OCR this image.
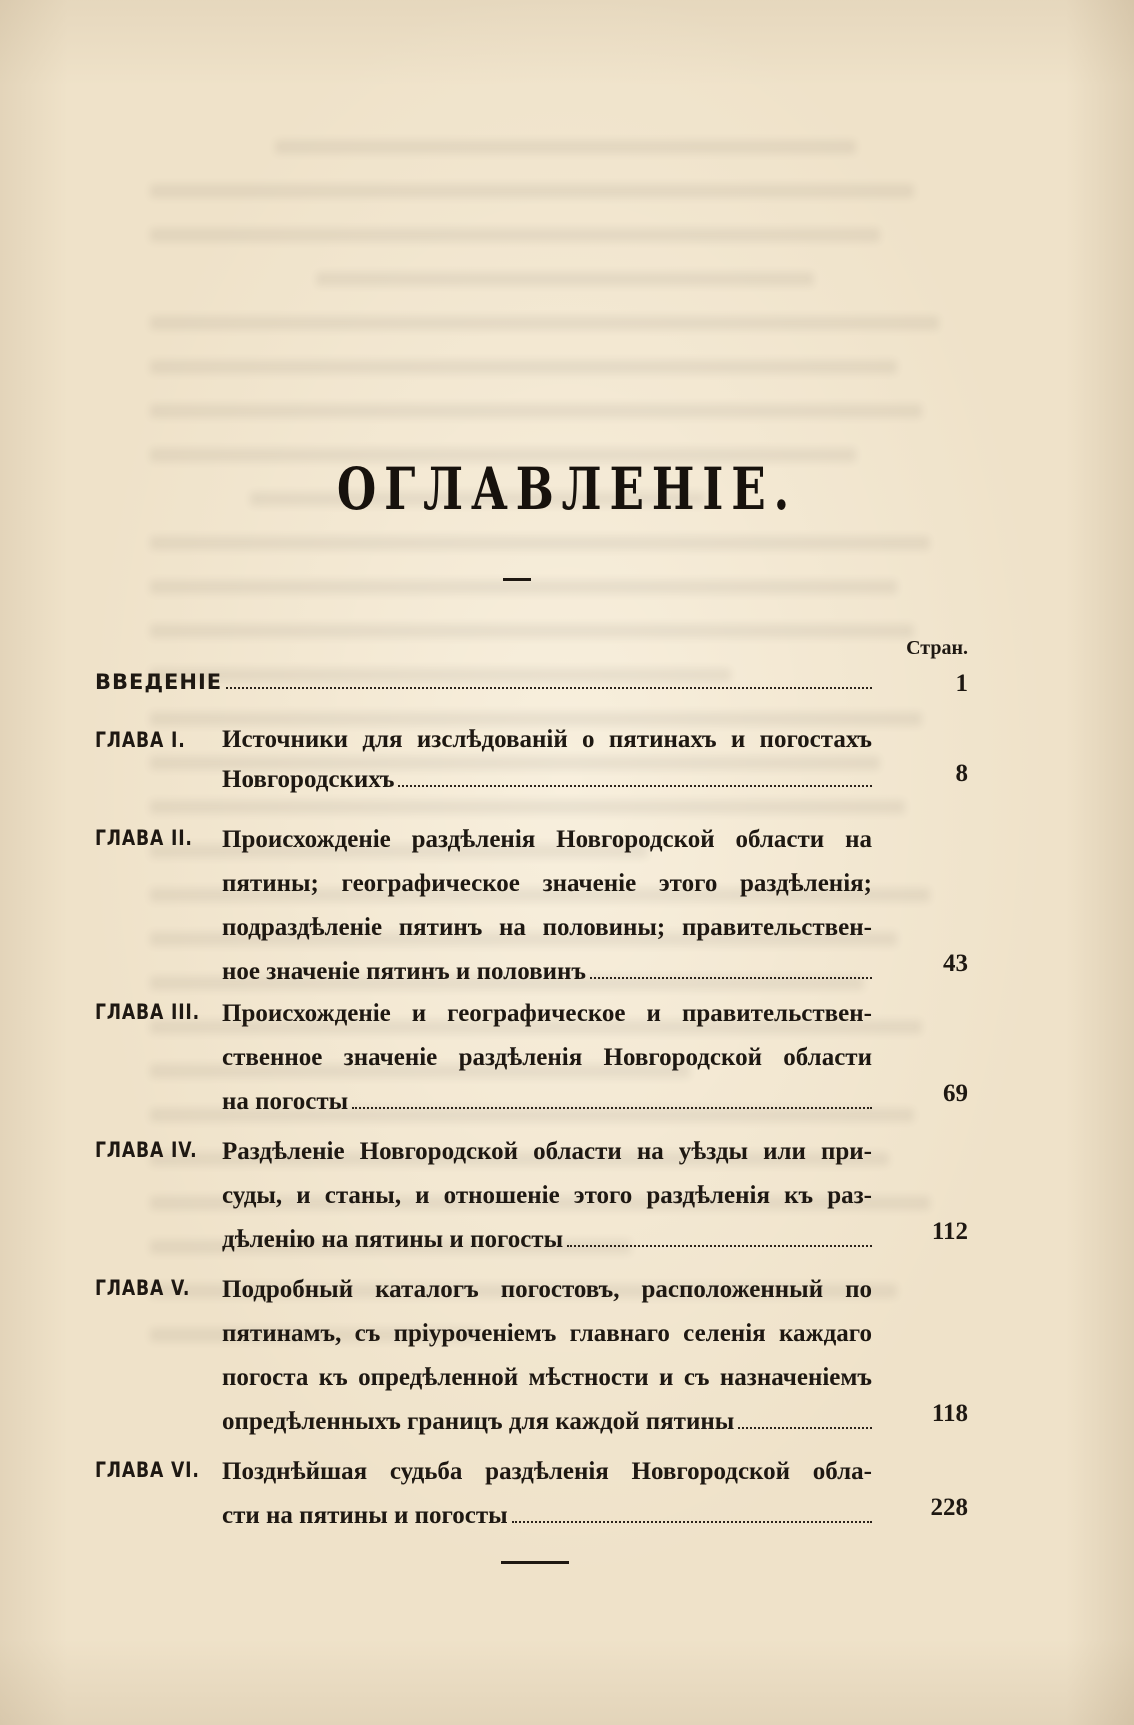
ОГЛАВЛЕНІЕ.
Стран.
ВВЕДЕНІЕ	1
ГЛАВА I. Источники для изслѣдованій о пятинахъ и погостахъ
Новгородскихъ	8
ГЛАВА II. Происхожденіе раздѣленія Новгородской области на
пятины; географическое значеніе этого раздѣленія;
подраздѣленіе пятинъ на половины; правительствен-
ное значеніе пятинъ и половинъ	43
ГЛАВА III. Происхожденіе и географическое и правительствен-
ственное значеніе раздѣленія Новгородской области
на погосты	69
ГЛАВА IV. Раздѣленіе Новгородской области на уѣзды или при-
суды, и станы, и отношеніе этого раздѣленія къ раз-
дѣленію на пятины и погосты	112
ГЛАВА V. Подробный каталогъ погостовъ, расположенный по
пятинамъ, съ пріуроченіемъ главнаго селенія каждаго
погоста къ опредѣленной мѣстности и съ назначеніемъ
опредѣленныхъ границъ для каждой пятины	118
ГЛАВА VI. Позднѣйшая судьба раздѣленія Новгородской обла-
сти на пятины и погосты	228
